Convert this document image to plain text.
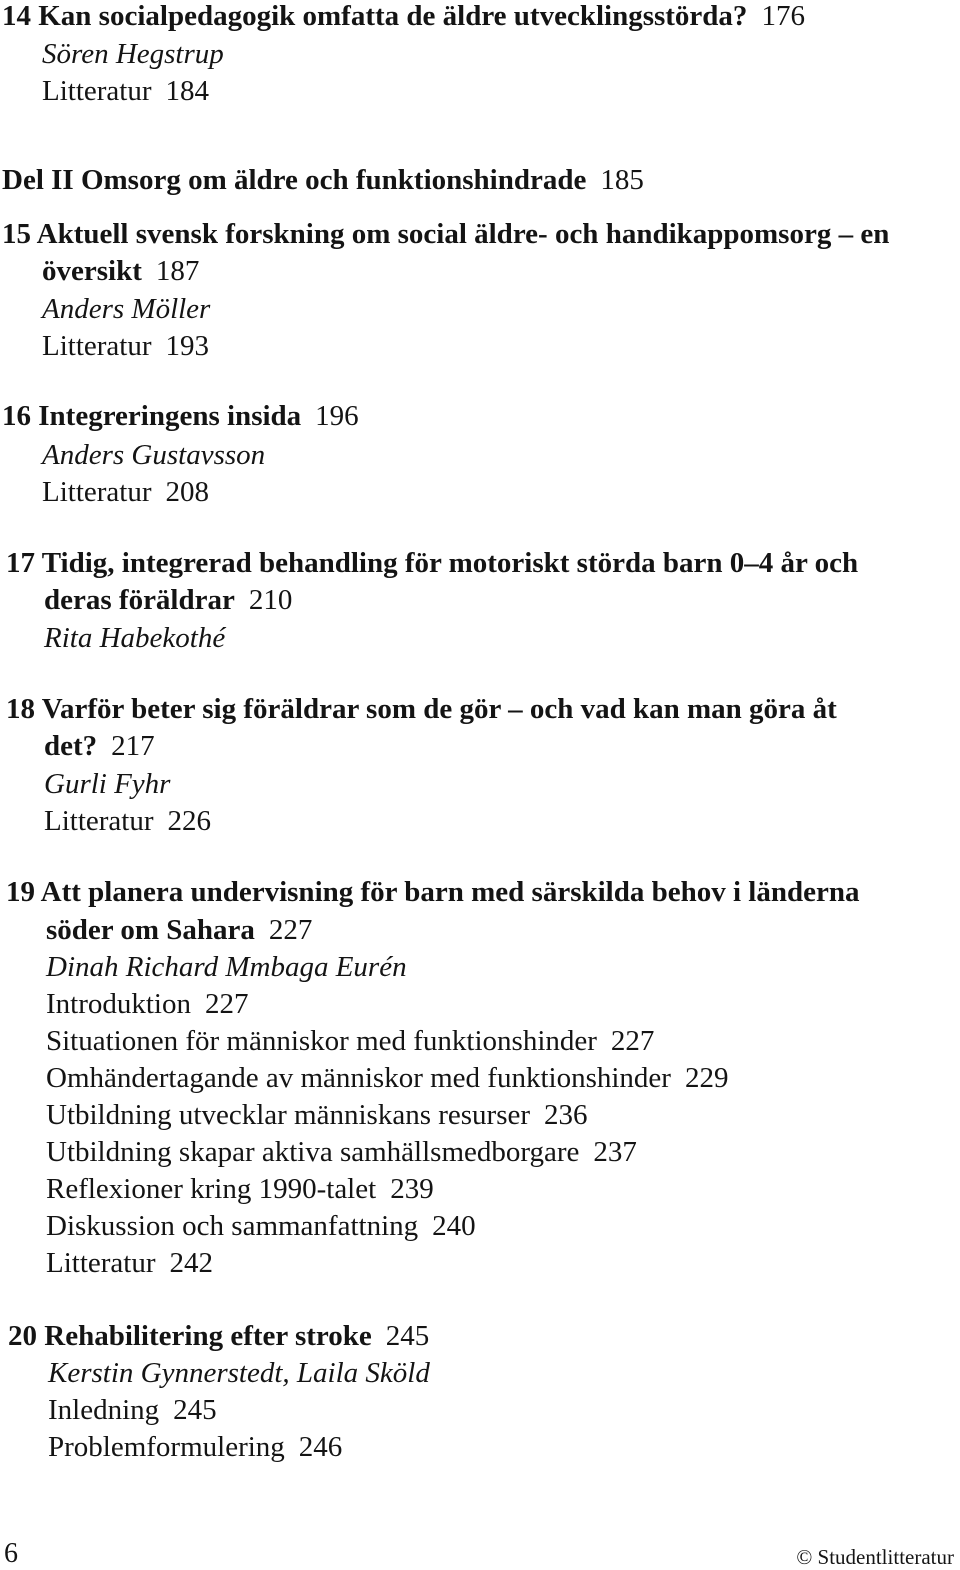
14 Kan socialpedagogik omfatta de äldre utvecklingsstörda? 176
Sören Hegstrup
Litteratur 184
Del II Omsorg om äldre och funktionshindrade 185
15 Aktuell svensk forskning om social äldre- och handikappomsorg – en
översikt 187
Anders Möller
Litteratur 193
16 Integreringens insida 196
Anders Gustavsson
Litteratur 208
17 Tidig, integrerad behandling för motoriskt störda barn 0–4 år och
deras föräldrar 210
Rita Habekothé
18 Varför beter sig föräldrar som de gör – och vad kan man göra åt
det? 217
Gurli Fyhr
Litteratur 226
19 Att planera undervisning för barn med särskilda behov i länderna
söder om Sahara 227
Dinah Richard Mmbaga Eurén
Introduktion 227
Situationen för människor med funktionshinder 227
Omhändertagande av människor med funktionshinder 229
Utbildning utvecklar människans resurser 236
Utbildning skapar aktiva samhällsmedborgare 237
Reflexioner kring 1990-talet 239
Diskussion och sammanfattning 240
Litteratur 242
20 Rehabilitering efter stroke 245
Kerstin Gynnerstedt, Laila Sköld
Inledning 245
Problemformulering 246
6	© Studentlitteratur
